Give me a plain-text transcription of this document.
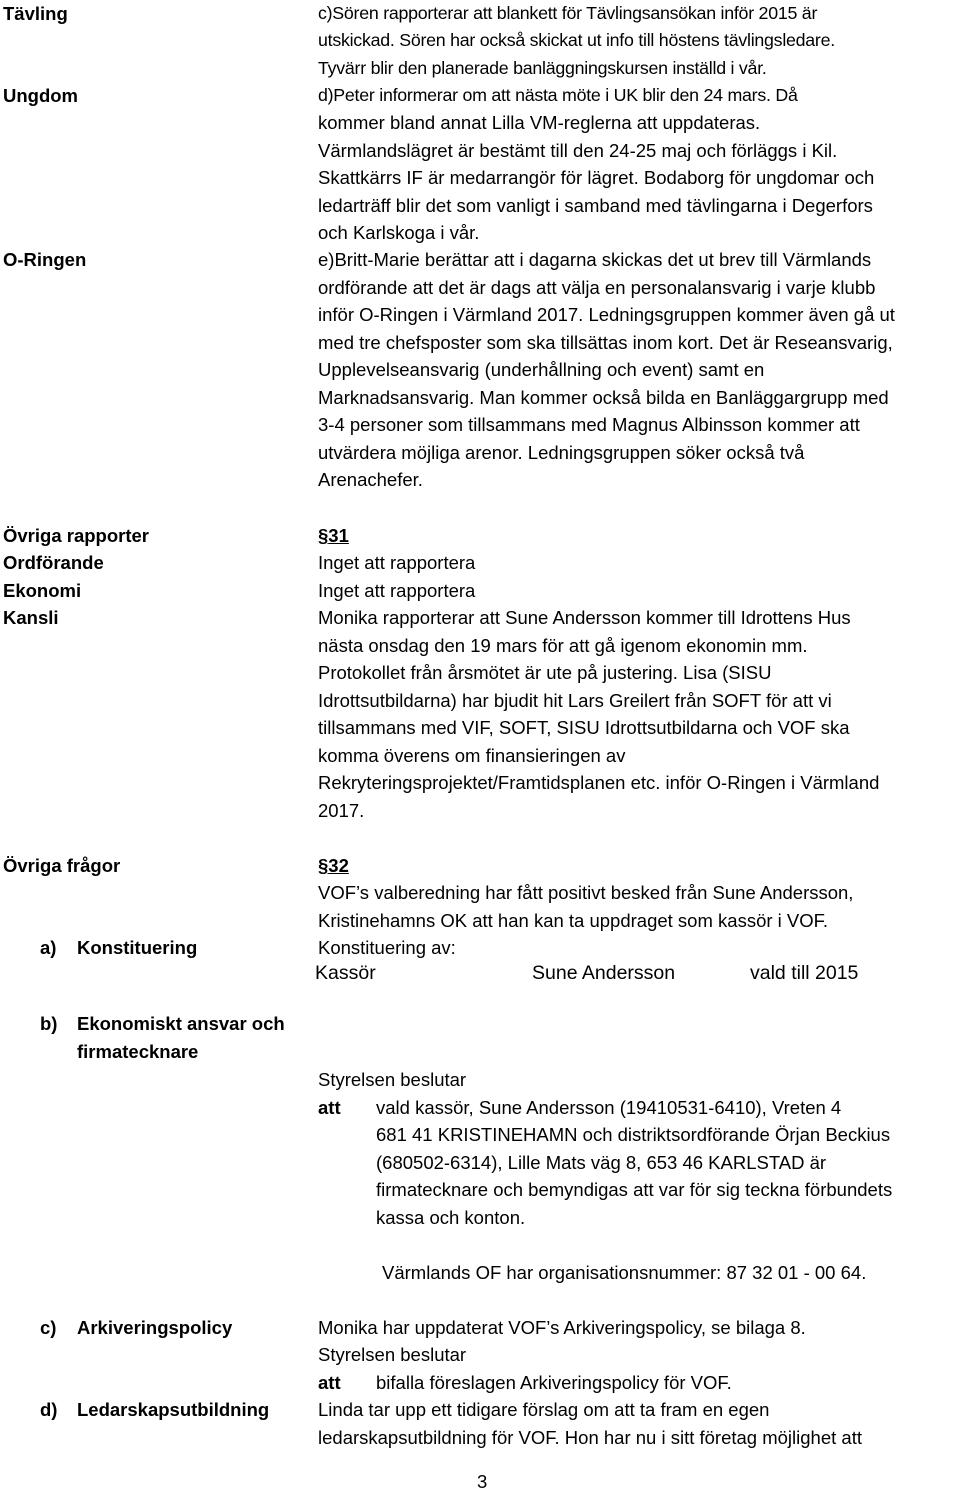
Tävling

Ungdom

O-Ringen

Övriga rapporter

Ordförande

Ekonomi

Kansli

Övriga frågor

a) Konstituering

b) Ekonomiskt ansvar och

firmatecknare

c) Arkiveringspolicy

d) Ledarskapsutbildning

c)Sören rapporterar att blankett för Tävlingsansökan inför 2015 är

utskickad. Sören har också skickat ut info till höstens tävlingsledare.

Tyvärr blir den planerade banläggningskursen inställd i vår.

d)Peter informerar om att nästa möte i UK blir den 24 mars. Då

kommer bland annat Lilla VM-reglerna att uppdateras.

Värmlandslägret är bestämt till den 24-25 maj och förläggs i Kil.

Skattkärrs IF är medarrangör för lägret. Bodaborg för ungdomar och

ledarträff blir det som vanligt i samband med tävlingarna i Degerfors

och Karlskoga i vår.

e)Britt-Marie berättar att i dagarna skickas det ut brev till Värmlands

ordförande att det är dags att välja en personalansvarig i varje klubb

inför O-Ringen i Värmland 2017. Ledningsgruppen kommer även gå ut

med tre chefsposter som ska tillsättas inom kort. Det är Reseansvarig,

Upplevelseansvarig (underhållning och event) samt en

Marknadsansvarig. Man kommer också bilda en Banläggargrupp med

3-4 personer som tillsammans med Magnus Albinsson kommer att

utvärdera möjliga arenor. Ledningsgruppen söker också två

Arenachefer.

§31

Inget att rapportera

Inget att rapportera

Monika rapporterar att Sune Andersson kommer till Idrottens Hus

nästa onsdag den 19 mars för att gå igenom ekonomin mm.

Protokollet från årsmötet är ute på justering. Lisa (SISU

Idrottsutbildarna) har bjudit hit Lars Greilert från SOFT för att vi

tillsammans med VIF, SOFT, SISU Idrottsutbildarna och VOF ska

komma överens om finansieringen av

Rekryteringsprojektet/Framtidsplanen etc. inför O-Ringen i Värmland

2017.

§32

VOF’s valberedning har fått positivt besked från Sune Andersson,

Kristinehamns OK att han kan ta uppdraget som kassör i VOF.

Konstituering av:

Kassör	Sune Andersson	vald till 2015

Styrelsen beslutar

att vald kassör, Sune Andersson (19410531-6410), Vreten 4

681 41 KRISTINEHAMN och distriktsordförande Örjan Beckius

(680502-6314), Lille Mats väg 8, 653 46 KARLSTAD är

firmatecknare och bemyndigas att var för sig teckna förbundets

kassa och konton.

Värmlands OF har organisationsnummer: 87 32 01 - 00 64.

Monika har uppdaterat VOF’s Arkiveringspolicy, se bilaga 8.

Styrelsen beslutar

att bifalla föreslagen Arkiveringspolicy för VOF.

Linda tar upp ett tidigare förslag om att ta fram en egen

ledarskapsutbildning för VOF. Hon har nu i sitt företag möjlighet att

3
